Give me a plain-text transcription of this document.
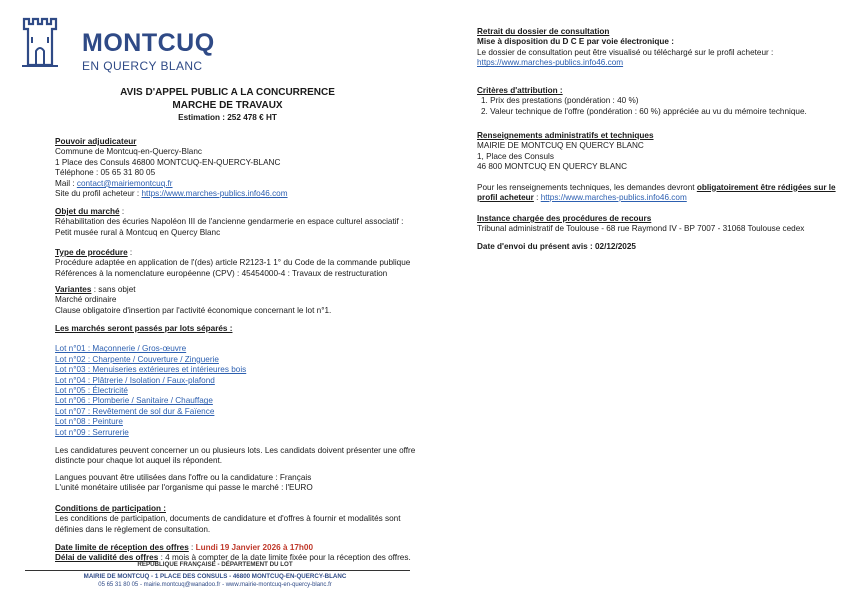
MONTCUQ
EN QUERCY BLANC
AVIS D'APPEL PUBLIC A LA CONCURRENCE
MARCHE DE TRAVAUX
Estimation : 252 478 € HT
Pouvoir adjudicateur
Commune de Montcuq-en-Quercy-Blanc
1 Place des Consuls 46800 MONTCUQ-EN-QUERCY-BLANC
Téléphone : 05 65 31 80 05
Mail : contact@mairiemontcuq.fr
Site du profil acheteur : https://www.marches-publics.info46.com
Objet du marché :
Réhabilitation des écuries Napoléon III de l'ancienne gendarmerie en espace culturel associatif :
Petit musée rural à Montcuq en Quercy Blanc
Type de procédure :
Procédure adaptée en application de l'(des) article R2123-1 1° du Code de la commande publique
Références à la nomenclature européenne (CPV) : 45454000-4 : Travaux de restructuration
Variantes : sans objet
Marché ordinaire
Clause obligatoire d'insertion par l'activité économique concernant le lot n°1.
Les marchés seront passés par lots séparés :
Lot n°01 : Maçonnerie / Gros-œuvre
Lot n°02 : Charpente / Couverture / Zinguerie
Lot n°03 : Menuiseries extérieures et intérieures bois
Lot n°04 : Plâtrerie / Isolation / Faux-plafond
Lot n°05 : Électricité
Lot n°06 : Plomberie / Sanitaire / Chauffage
Lot n°07 : Revêtement de sol dur & Faïence
Lot n°08 : Peinture
Lot n°09 : Serrurerie
Les candidatures peuvent concerner un ou plusieurs lots. Les candidats doivent présenter une offre
distincte pour chaque lot auquel ils répondent.
Langues pouvant être utilisées dans l'offre ou la candidature : Français
L'unité monétaire utilisée par l'organisme qui passe le marché : l'EURO
Conditions de participation :
Les conditions de participation, documents de candidature et d'offres à fournir et modalités sont
définies dans le règlement de consultation.
Date limite de réception des offres : Lundi 19 Janvier 2026 à 17h00
Délai de validité des offres : 4 mois à compter de la date limite fixée pour la réception des offres.
RÉPUBLIQUE FRANÇAISE - DÉPARTEMENT DU LOT
MAIRIE DE MONTCUQ - 1 PLACE DES CONSULS - 46800 MONTCUQ-EN-QUERCY-BLANC
05 65 31 80 05 - mairie.montcuq@wanadoo.fr - www.mairie-montcuq-en-quercy-blanc.fr
Retrait du dossier de consultation
Mise à disposition du D C E par voie électronique :
Le dossier de consultation peut être visualisé ou téléchargé sur le profil acheteur :
https://www.marches-publics.info46.com
Critères d'attribution :
1. Prix des prestations (pondération : 40 %)
2. Valeur technique de l'offre (pondération : 60 %) appréciée au vu du mémoire technique.
Renseignements administratifs et techniques
MAIRIE DE MONTCUQ EN QUERCY BLANC
1, Place des Consuls
46 800 MONTCUQ EN QUERCY BLANC
Pour les renseignements techniques, les demandes devront obligatoirement être rédigées sur le
profil acheteur : https://www.marches-publics.info46.com
Instance chargée des procédures de recours
Tribunal administratif de Toulouse - 68 rue Raymond IV - BP 7007 - 31068 Toulouse cedex
Date d'envoi du présent avis : 02/12/2025
